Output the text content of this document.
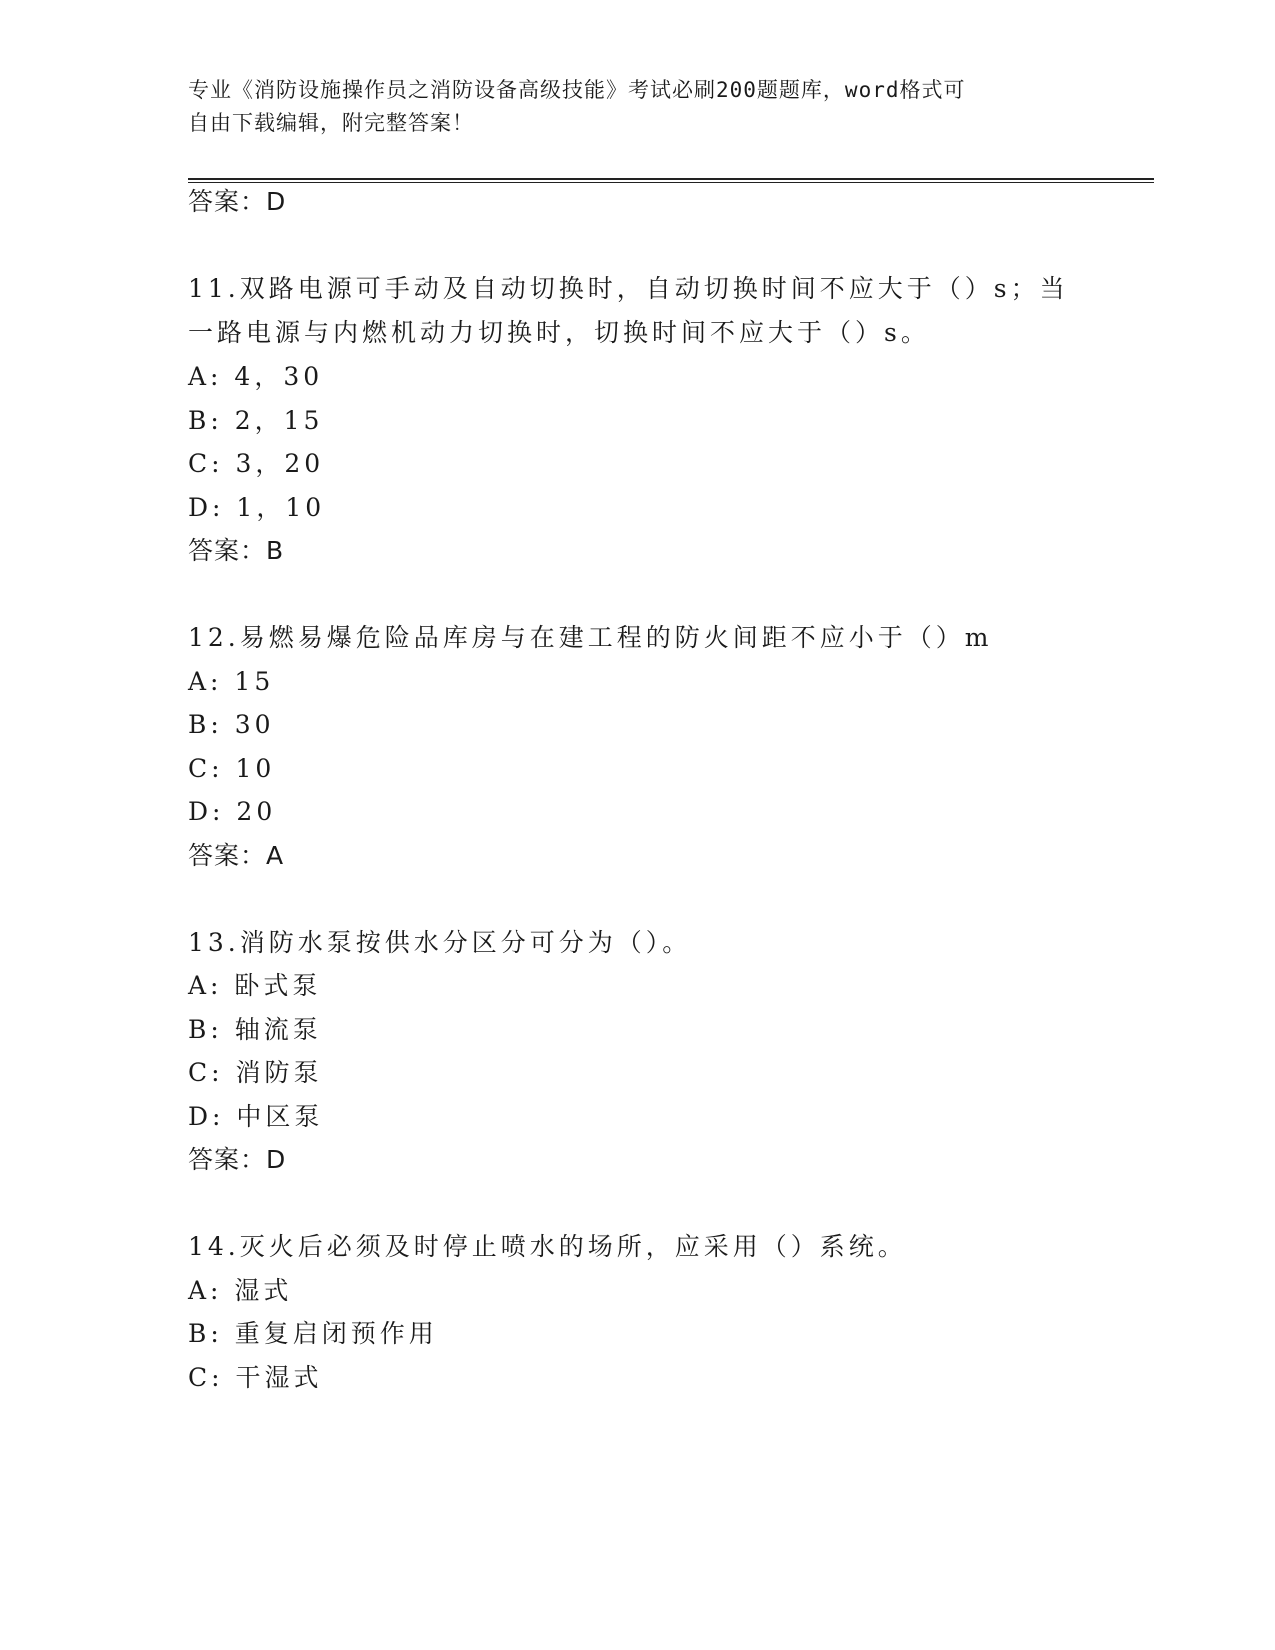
专业《消防设施操作员之消防设备高级技能》考试必刷200题题库，word格式可
自由下载编辑，附完整答案！
答案：D
11.双路电源可手动及自动切换时，自动切换时间不应大于（）s；当
一路电源与内燃机动力切换时，切换时间不应大于（）s。
A: 4，30
B: 2，15
C: 3，20
D: 1，10
答案：B
12.易燃易爆危险品库房与在建工程的防火间距不应小于（）m
A: 15
B: 30
C: 10
D: 20
答案：A
13.消防水泵按供水分区分可分为（）。
A: 卧式泵
B: 轴流泵
C: 消防泵
D: 中区泵
答案：D
14.灭火后必须及时停止喷水的场所，应采用（）系统。
A: 湿式
B: 重复启闭预作用
C: 干湿式
